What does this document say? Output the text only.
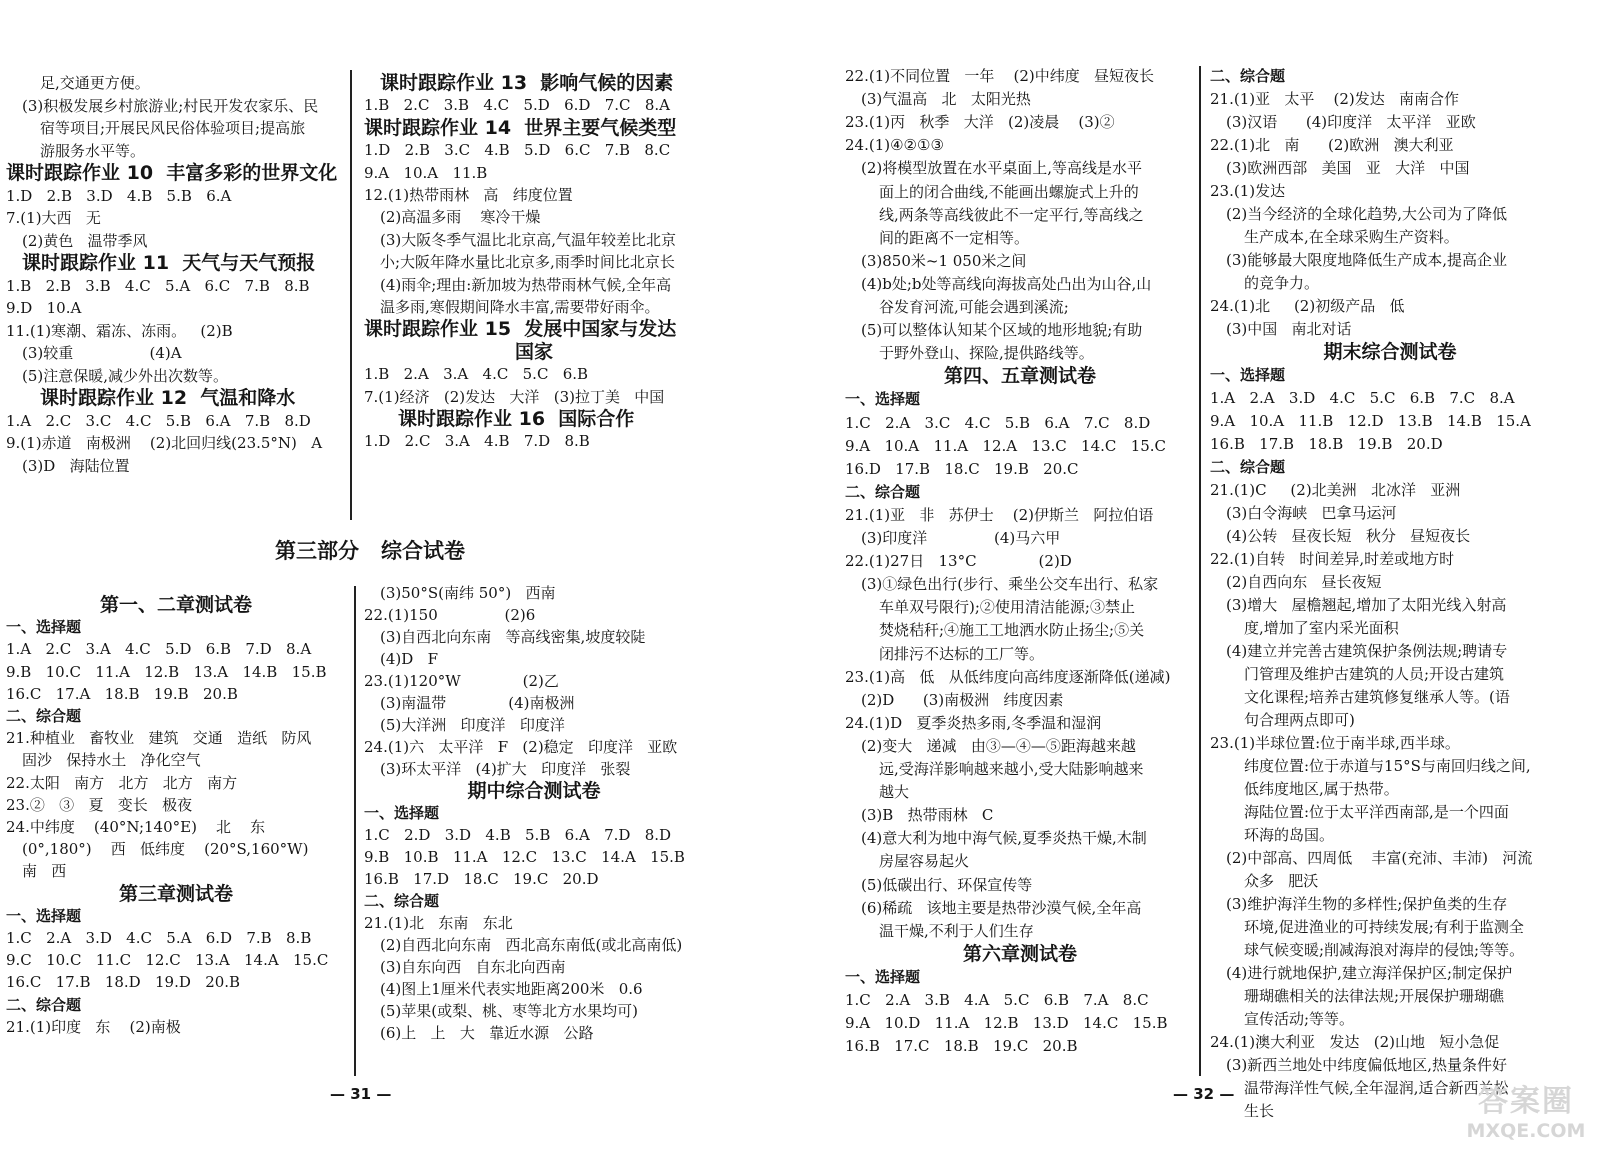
足,交通更方便。
(3)积极发展乡村旅游业;村民开发农家乐、民
宿等项目;开展民风民俗体验项目;提高旅
游服务水平等。
课时跟踪作业 10  丰富多彩的世界文化
1.D   2.B   3.D   4.B   5.B   6.A
7.(1)大西   无
(2)黄色   温带季风
课时跟踪作业 11  天气与天气预报
1.B   2.B   3.B   4.C   5.A   6.C   7.B   8.B
9.D   10.A
11.(1)寒潮、霜冻、冻雨。   (2)B
(3)较重                (4)A
(5)注意保暖,减少外出次数等。
课时跟踪作业 12  气温和降水
1.A   2.C   3.C   4.C   5.B   6.A   7.B   8.D
9.(1)赤道   南极洲    (2)北回归线(23.5°N)   A
(3)D   海陆位置
课时跟踪作业 13  影响气候的因素
1.B   2.C   3.B   4.C   5.D   6.D   7.C   8.A
课时跟踪作业 14  世界主要气候类型
1.D   2.B   3.C   4.B   5.D   6.C   7.B   8.C
9.A   10.A   11.B
12.(1)热带雨林   高   纬度位置
(2)高温多雨    寒冷干燥
(3)大阪冬季气温比北京高,气温年较差比北京
小;大阪年降水量比北京多,雨季时间比北京长
(4)雨伞;理由:新加坡为热带雨林气候,全年高
温多雨,寒假期间降水丰富,需要带好雨伞。
课时跟踪作业 15  发展中国家与发达
国家
1.B   2.A   3.A   4.C   5.C   6.B
7.(1)经济   (2)发达   大洋   (3)拉丁美   中国
课时跟踪作业 16  国际合作
1.D   2.C   3.A   4.B   7.D   8.B
第一、二章测试卷
一、选择题
1.A   2.C   3.A   4.C   5.D   6.B   7.D   8.A
9.B   10.C   11.A   12.B   13.A   14.B   15.B
16.C   17.A   18.B   19.B   20.B
二、综合题
21.种植业   畜牧业   建筑   交通   造纸   防风
固沙   保持水土   净化空气
22.太阳   南方   北方   北方   南方
23.②   ③   夏   变长   极夜
24.中纬度    (40°N;140°E)    北    东
(0°,180°)    西   低纬度    (20°S,160°W)
南   西
第三章测试卷
一、选择题
1.C   2.A   3.D   4.C   5.A   6.D   7.B   8.B
9.C   10.C   11.C   12.C   13.A   14.A   15.C
16.C   17.B   18.D   19.D   20.B
二、综合题
21.(1)印度   东    (2)南极
(3)50°S(南纬 50°)   西南
22.(1)150              (2)6
(3)自西北向东南   等高线密集,坡度较陡
(4)D   F
23.(1)120°W             (2)乙
(3)南温带             (4)南极洲
(5)大洋洲   印度洋   印度洋
24.(1)六   太平洋   F   (2)稳定   印度洋   亚欧
(3)环太平洋   (4)扩大   印度洋   张裂
期中综合测试卷
一、选择题
1.C   2.D   3.D   4.B   5.B   6.A   7.D   8.D
9.B   10.B   11.A   12.C   13.C   14.A   15.B
16.B   17.D   18.C   19.C   20.D
二、综合题
21.(1)北   东南   东北
(2)自西北向东南   西北高东南低(或北高南低)
(3)自东向西   自东北向西南
(4)图上1厘米代表实地距离200米   0.6
(5)苹果(或梨、桃、枣等北方水果均可)
(6)上   上   大   靠近水源   公路
22.(1)不同位置   一年    (2)中纬度   昼短夜长
(3)气温高   北   太阳光热
23.(1)丙   秋季   大洋   (2)凌晨    (3)②
24.(1)④②①③
(2)将模型放置在水平桌面上,等高线是水平
面上的闭合曲线,不能画出螺旋式上升的
线,两条等高线彼此不一定平行,等高线之
间的距离不一定相等。
(3)850米~1 050米之间
(4)b处;b处等高线向海拔高处凸出为山谷,山
谷发育河流,可能会遇到溪流;
(5)可以整体认知某个区域的地形地貌;有助
于野外登山、探险,提供路线等。
第四、五章测试卷
一、选择题
1.C   2.A   3.C   4.C   5.B   6.A   7.C   8.D
9.A   10.A   11.A   12.A   13.C   14.C   15.C
16.D   17.B   18.C   19.B   20.C
二、综合题
21.(1)亚   非   苏伊士    (2)伊斯兰   阿拉伯语
(3)印度洋              (4)马六甲
22.(1)27日   13°C             (2)D
(3)①绿色出行(步行、乘坐公交车出行、私家
车单双号限行);②使用清洁能源;③禁止
焚烧秸秆;④施工工地洒水防止扬尘;⑤关
闭排污不达标的工厂等。
23.(1)高   低   从低纬度向高纬度逐渐降低(递减)
(2)D      (3)南极洲   纬度因素
24.(1)D   夏季炎热多雨,冬季温和湿润
(2)变大   递减   由③—④—⑤距海越来越
远,受海洋影响越来越小,受大陆影响越来
越大
(3)B   热带雨林   C
(4)意大利为地中海气候,夏季炎热干燥,木制
房屋容易起火
(5)低碳出行、环保宣传等
(6)稀疏   该地主要是热带沙漠气候,全年高
温干燥,不利于人们生存
第六章测试卷
一、选择题
1.C   2.A   3.B   4.A   5.C   6.B   7.A   8.C
9.A   10.D   11.A   12.B   13.D   14.C   15.B
16.B   17.C   18.B   19.C   20.B
二、综合题
21.(1)亚   太平    (2)发达   南南合作
(3)汉语      (4)印度洋   太平洋   亚欧
22.(1)北   南      (2)欧洲   澳大利亚
(3)欧洲西部   美国   亚   大洋   中国
23.(1)发达
(2)当今经济的全球化趋势,大公司为了降低
生产成本,在全球采购生产资料。
(3)能够最大限度地降低生产成本,提高企业
的竞争力。
24.(1)北     (2)初级产品   低
(3)中国   南北对话
期末综合测试卷
一、选择题
1.A   2.A   3.D   4.C   5.C   6.B   7.C   8.A
9.A   10.A   11.B   12.D   13.B   14.B   15.A
16.B   17.B   18.B   19.B   20.D
二、综合题
21.(1)C     (2)北美洲   北冰洋   亚洲
(3)白令海峡   巴拿马运河
(4)公转   昼夜长短   秋分   昼短夜长
22.(1)自转   时间差异,时差或地方时
(2)自西向东   昼长夜短
(3)增大   屋檐翘起,增加了太阳光线入射高
度,增加了室内采光面积
(4)建立并完善古建筑保护条例法规;聘请专
门管理及维护古建筑的人员;开设古建筑
文化课程;培养古建筑修复继承人等。(语
句合理两点即可)
23.(1)半球位置:位于南半球,西半球。
纬度位置:位于赤道与15°S与南回归线之间,
低纬度地区,属于热带。
海陆位置:位于太平洋西南部,是一个四面
环海的岛国。
(2)中部高、四周低    丰富(充沛、丰沛)   河流
众多   肥沃
(3)维护海洋生物的多样性;保护鱼类的生存
环境,促进渔业的可持续发展;有利于监测全
球气候变暖;削减海浪对海岸的侵蚀;等等。
(4)进行就地保护,建立海洋保护区;制定保护
珊瑚礁相关的法律法规;开展保护珊瑚礁
宣传活动;等等。
24.(1)澳大利亚   发达   (2)山地   短小急促
(3)新西兰地处中纬度偏低地区,热量条件好
温带海洋性气候,全年湿润,适合新西兰松
生长
第三部分   综合试卷
— 31 —	— 32 —	答案圈
MXQE.COM
